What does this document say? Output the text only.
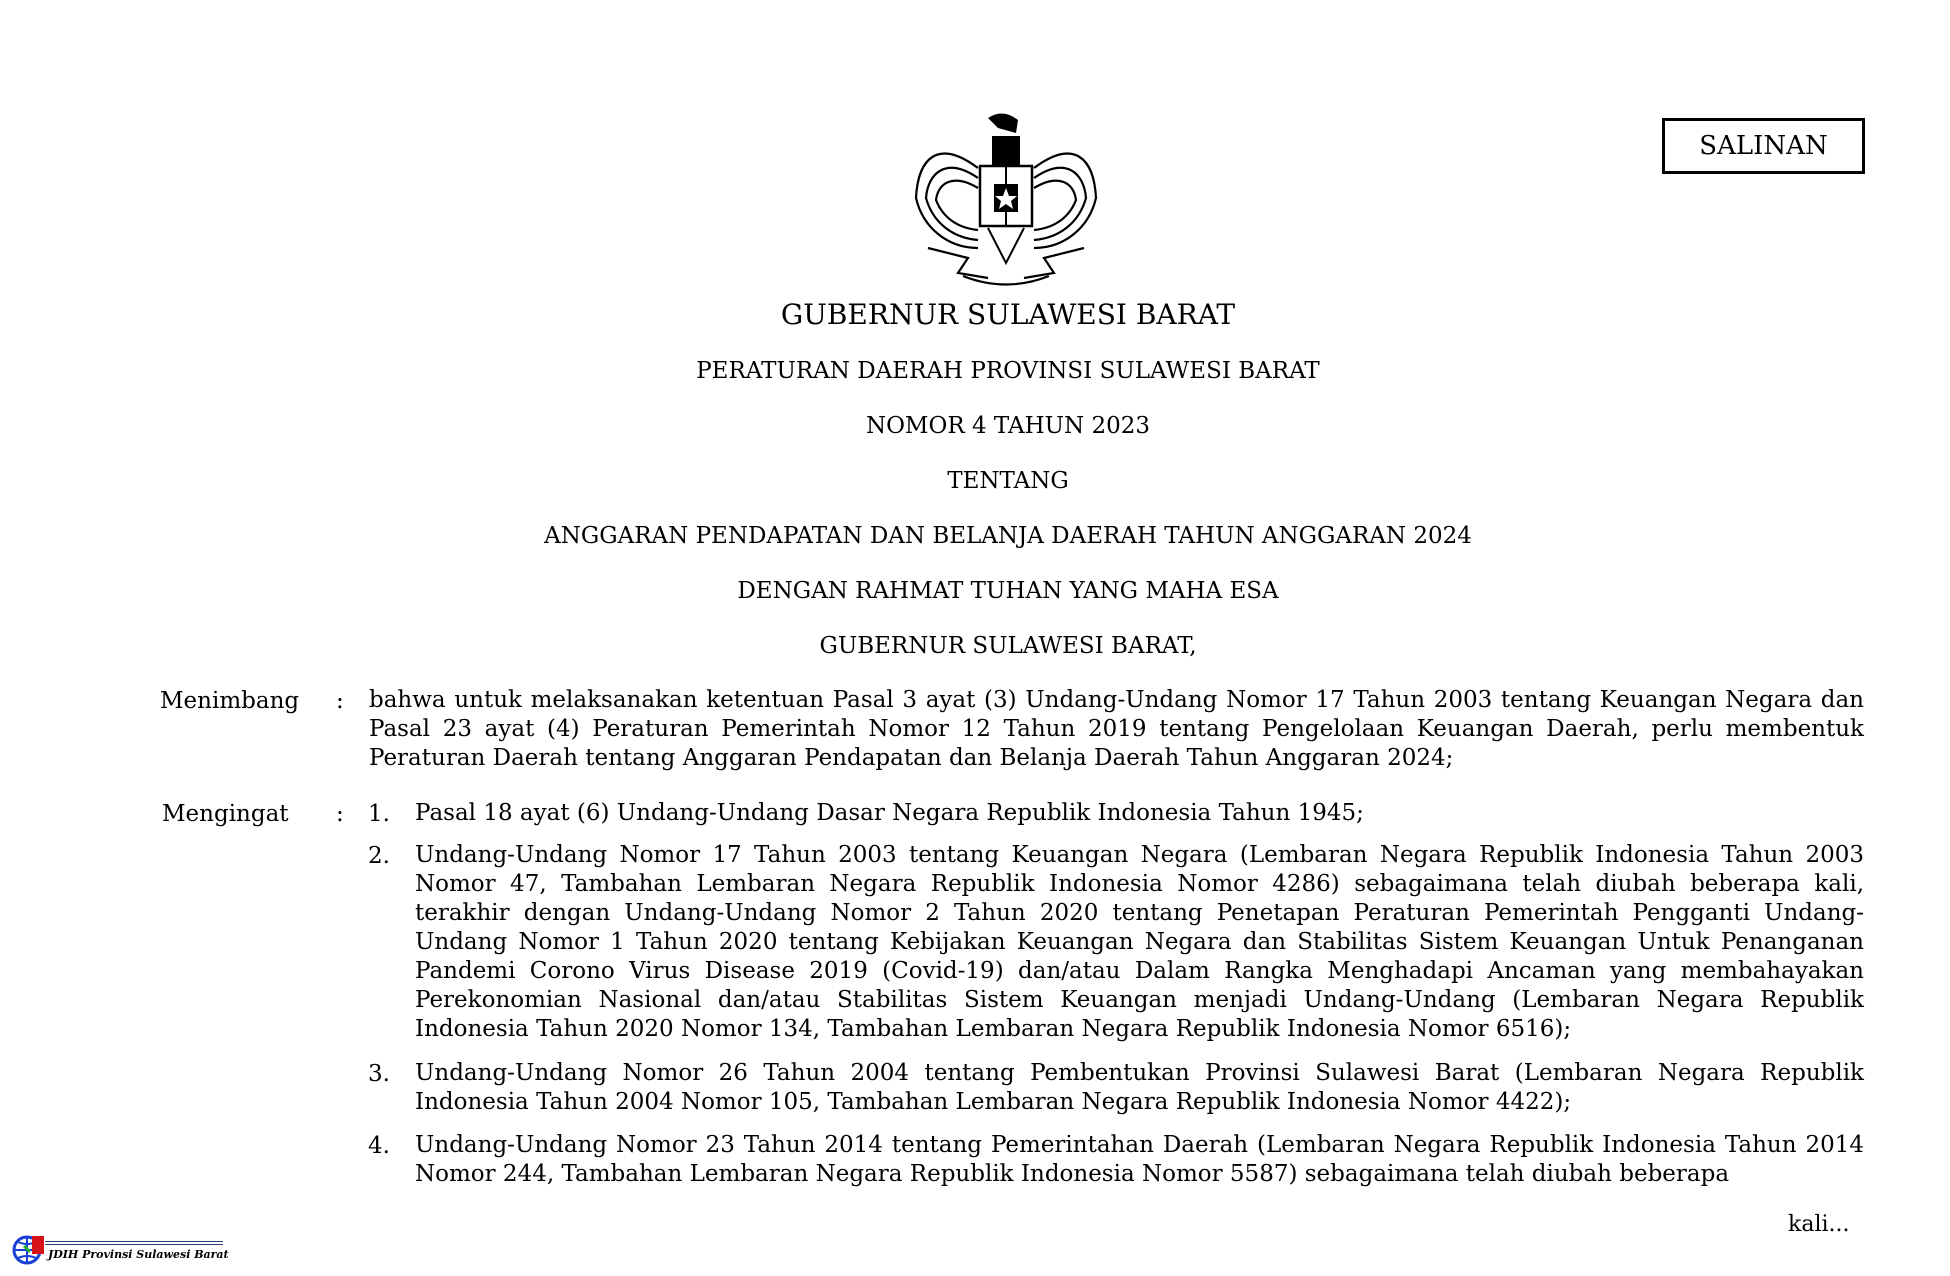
SALINAN
GUBERNUR SULAWESI BARAT
PERATURAN DAERAH PROVINSI SULAWESI BARAT
NOMOR 4 TAHUN 2023
TENTANG
ANGGARAN PENDAPATAN DAN BELANJA DAERAH TAHUN ANGGARAN 2024
DENGAN RAHMAT TUHAN YANG MAHA ESA
GUBERNUR SULAWESI BARAT,
Menimbang : bahwa untuk melaksanakan ketentuan Pasal 3 ayat (3) Undang-Undang Nomor 17 Tahun 2003 tentang Keuangan Negara dan Pasal 23 ayat (4) Peraturan Pemerintah Nomor 12 Tahun 2019 tentang Pengelolaan Keuangan Daerah, perlu membentuk Peraturan Daerah tentang Anggaran Pendapatan dan Belanja Daerah Tahun Anggaran 2024;
Mengingat : 1. Pasal 18 ayat (6) Undang-Undang Dasar Negara Republik Indonesia Tahun 1945;
2. Undang-Undang Nomor 17 Tahun 2003 tentang Keuangan Negara (Lembaran Negara Republik Indonesia Tahun 2003 Nomor 47, Tambahan Lembaran Negara Republik Indonesia Nomor 4286) sebagaimana telah diubah beberapa kali, terakhir dengan Undang-Undang Nomor 2 Tahun 2020 tentang Penetapan Peraturan Pemerintah Pengganti Undang-Undang Nomor 1 Tahun 2020 tentang Kebijakan Keuangan Negara dan Stabilitas Sistem Keuangan Untuk Penanganan Pandemi Corono Virus Disease 2019 (Covid-19) dan/atau Dalam Rangka Menghadapi Ancaman yang membahayakan Perekonomian Nasional dan/atau Stabilitas Sistem Keuangan menjadi Undang-Undang (Lembaran Negara Republik Indonesia Tahun 2020 Nomor 134, Tambahan Lembaran Negara Republik Indonesia Nomor 6516);
3. Undang-Undang Nomor 26 Tahun 2004 tentang Pembentukan Provinsi Sulawesi Barat (Lembaran Negara Republik Indonesia Tahun 2004 Nomor 105, Tambahan Lembaran Negara Republik Indonesia Nomor 4422);
4. Undang-Undang Nomor 23 Tahun 2014 tentang Pemerintahan Daerah (Lembaran Negara Republik Indonesia Tahun 2014 Nomor 244, Tambahan Lembaran Negara Republik Indonesia Nomor 5587) sebagaimana telah diubah beberapa
kali...
JDIH Provinsi Sulawesi Barat
